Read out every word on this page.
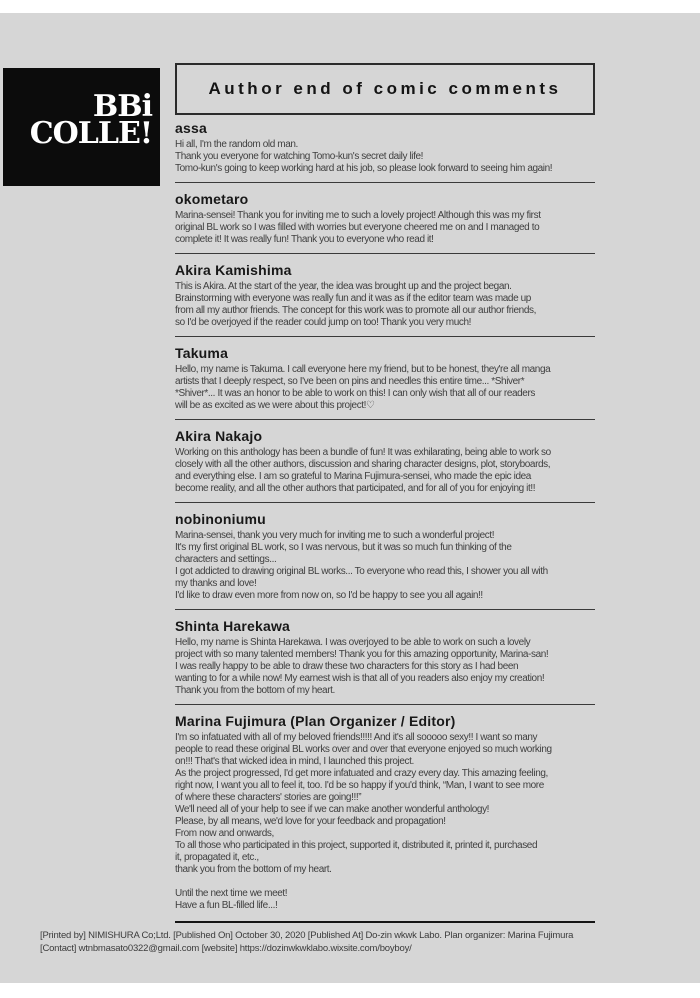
BBi
COLLE!
Author end of comic comments
assa
Hi all, I'm the random old man.
Thank you everyone for watching Tomo-kun's secret daily life!
Tomo-kun's going to keep working hard at his job, so please look forward to seeing him again!
okometaro
Marina-sensei! Thank you for inviting me to such a lovely project! Although this was my first
original BL work so I was filled with worries but everyone cheered me on and I managed to
complete it! It was really fun! Thank you to everyone who read it!
Akira Kamishima
This is Akira. At the start of the year, the idea was brought up and the project began.
Brainstorming with everyone was really fun and it was as if the editor team was made up
from all my author friends. The concept for this work was to promote all our author friends,
so I'd be overjoyed if the reader could jump on too! Thank you very much!
Takuma
Hello, my name is Takuma. I call everyone here my friend, but to be honest, they're all manga
artists that I deeply respect, so I've been on pins and needles this entire time... *Shiver*
*Shiver*... It was an honor to be able to work on this! I can only wish that all of our readers
will be as excited as we were about this project!♡
Akira Nakajo
Working on this anthology has been a bundle of fun! It was exhilarating, being able to work so
closely with all the other authors, discussion and sharing character designs, plot, storyboards,
and everything else. I am so grateful to Marina Fujimura-sensei, who made the epic idea
become reality, and all the other authors that participated, and for all of you for enjoying it!!
nobinoniumu
Marina-sensei, thank you very much for inviting me to such a wonderful project!
It's my first original BL work, so I was nervous, but it was so much fun thinking of the
characters and settings...
I got addicted to drawing original BL works... To everyone who read this, I shower you all with
my thanks and love!
I'd like to draw even more from now on, so I'd be happy to see you all again!!
Shinta Harekawa
Hello, my name is Shinta Harekawa. I was overjoyed to be able to work on such a lovely
project with so many talented members! Thank you for this amazing opportunity, Marina-san!
I was really happy to be able to draw these two characters for this story as I had been
wanting to for a while now! My earnest wish is that all of you readers also enjoy my creation!
Thank you from the bottom of my heart.
Marina Fujimura (Plan Organizer / Editor)
I'm so infatuated with all of my beloved friends!!!!! And it's all sooooo sexy!! I want so many
people to read these original BL works over and over that everyone enjoyed so much working
on!!! That's that wicked idea in mind, I launched this project.
As the project progressed, I'd get more infatuated and crazy every day. This amazing feeling,
right now, I want you all to feel it, too. I'd be so happy if you'd think, “Man, I want to see more
of where these characters' stories are going!!!”
We'll need all of your help to see if we can make another wonderful anthology!
Please, by all means, we'd love for your feedback and propagation!
From now and onwards,
To all those who participated in this project, supported it, distributed it, printed it, purchased
it, propagated it, etc.,
thank you from the bottom of my heart.

Until the next time we meet!
Have a fun BL-filled life...!
[Printed by] NIMISHURA Co;Ltd. [Published On] October 30, 2020 [Published At] Do-zin wkwk Labo. Plan organizer: Marina Fujimura
[Contact] wtnbmasato0322@gmail.com [website] https://dozinwkwklabo.wixsite.com/boyboy/
